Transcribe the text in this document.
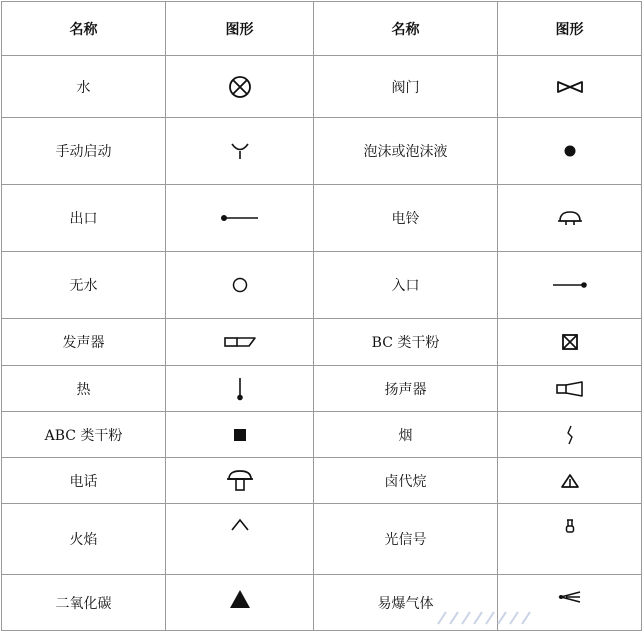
名称	图形	名称	图形
水		阀门	

手动启动		泡沫或泡沫液	

出口		电铃	

无水		入口	

发声器		BC 类干粉	

热		扬声器	

ABC 类干粉		烟	

电话		卤代烷	

火焰		光信号	

二氧化碳		易爆气体	
